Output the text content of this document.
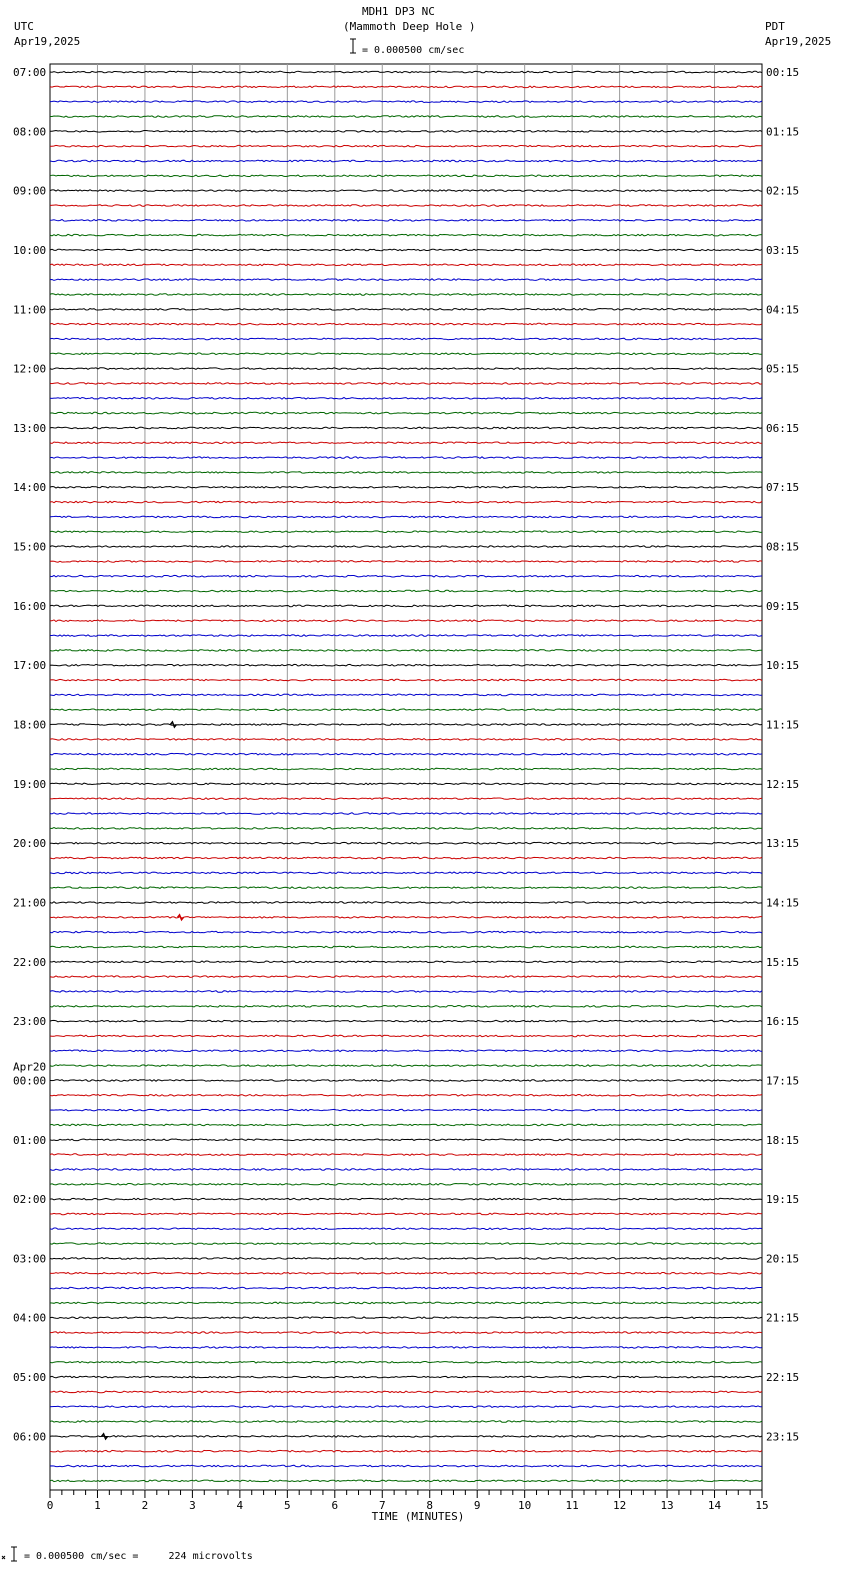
07:00
08:00
09:00
10:00
11:00
12:00
13:00
14:00
15:00
16:00
17:00
18:00
19:00
20:00
21:00
22:00
23:00
Apr20
00:00
01:00
02:00
03:00
04:00
05:00
06:00
00:15
01:15
02:15
03:15
04:15
05:15
06:15
07:15
08:15
09:15
10:15
11:15
12:15
13:15
14:15
15:15
16:15
17:15
18:15
19:15
20:15
21:15
22:15
23:15
0	1	2	3	4	5	6	7	8	9	10	11	12	13	14	15
TIME (MINUTES)
UTC
Apr19,2025
MDH1 DP3 NC
(Mammoth Deep Hole )
= 0.000500 cm/sec
PDT
Apr19,2025
= 0.000500 cm/sec =     224 microvolts
